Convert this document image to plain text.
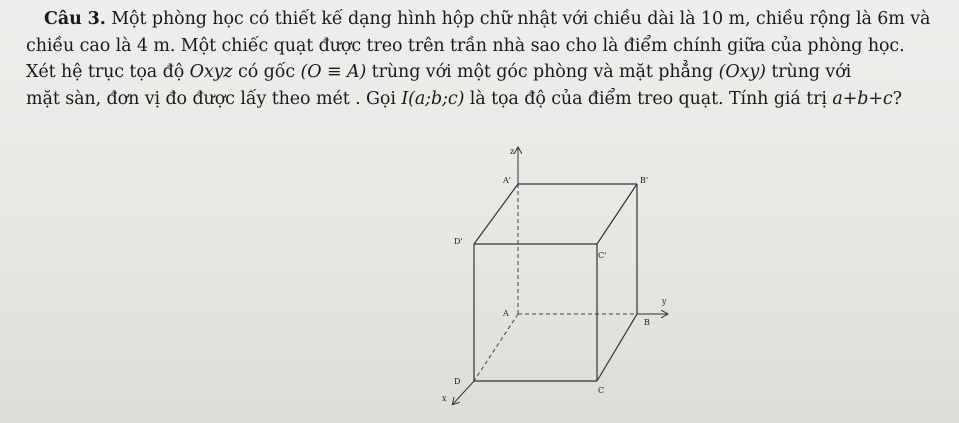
Câu 3. Một phòng học có thiết kế dạng hình hộp chữ nhật với chiều dài là 10 m, chiều rộng là 6m và

chiều cao là 4 m. Một chiếc quạt được treo trên trần nhà sao cho là điểm chính giữa của phòng học.

Xét hệ trục tọa độ Oxyz có gốc (O ≡ A) trùng với một góc phòng và mặt phẳng (Oxy) trùng với

mặt sàn, đơn vị đo được lấy theo mét . Gọi I(a;b;c) là tọa độ của điểm treo quạt. Tính giá trị a+b+c?

z
A'	B'
D'
C'
y
A
B
D
C
x
